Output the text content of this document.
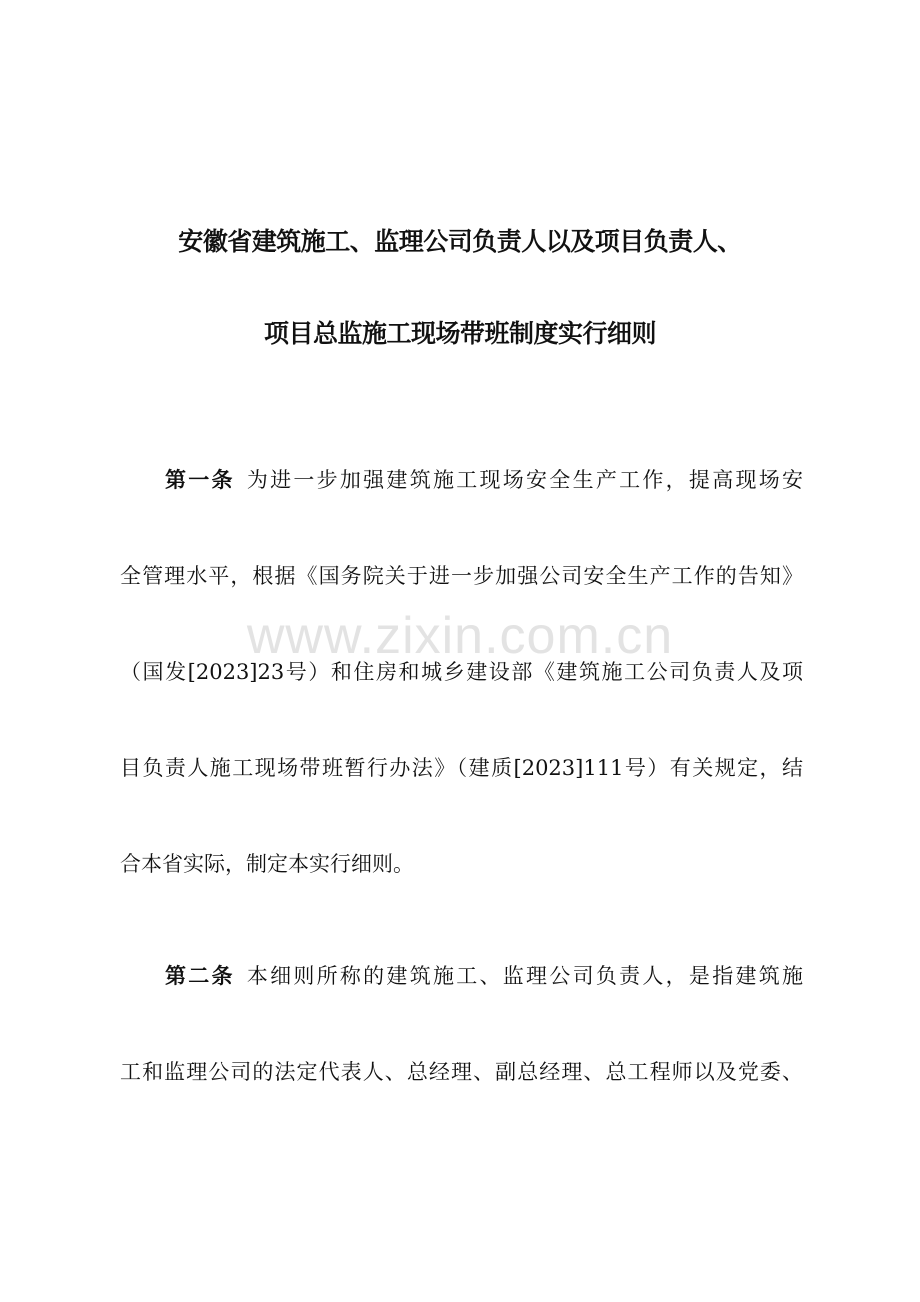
安徽省建筑施工、监理公司负责人以及项目负责人、
项目总监施工现场带班制度实行细则
www.zixin.com.cn
第一条 为进一步加强建筑施工现场安全生产工作，提高现场安
全管理水平，根据《国务院关于进一步加强公司安全生产工作的告知》
（国发[2023]23号）和住房和城乡建设部《建筑施工公司负责人及项
目负责人施工现场带班暂行办法》（建质[2023]111号）有关规定，结
合本省实际，制定本实行细则。
第二条 本细则所称的建筑施工、监理公司负责人，是指建筑施
工和监理公司的法定代表人、总经理、副总经理、总工程师以及党委、
